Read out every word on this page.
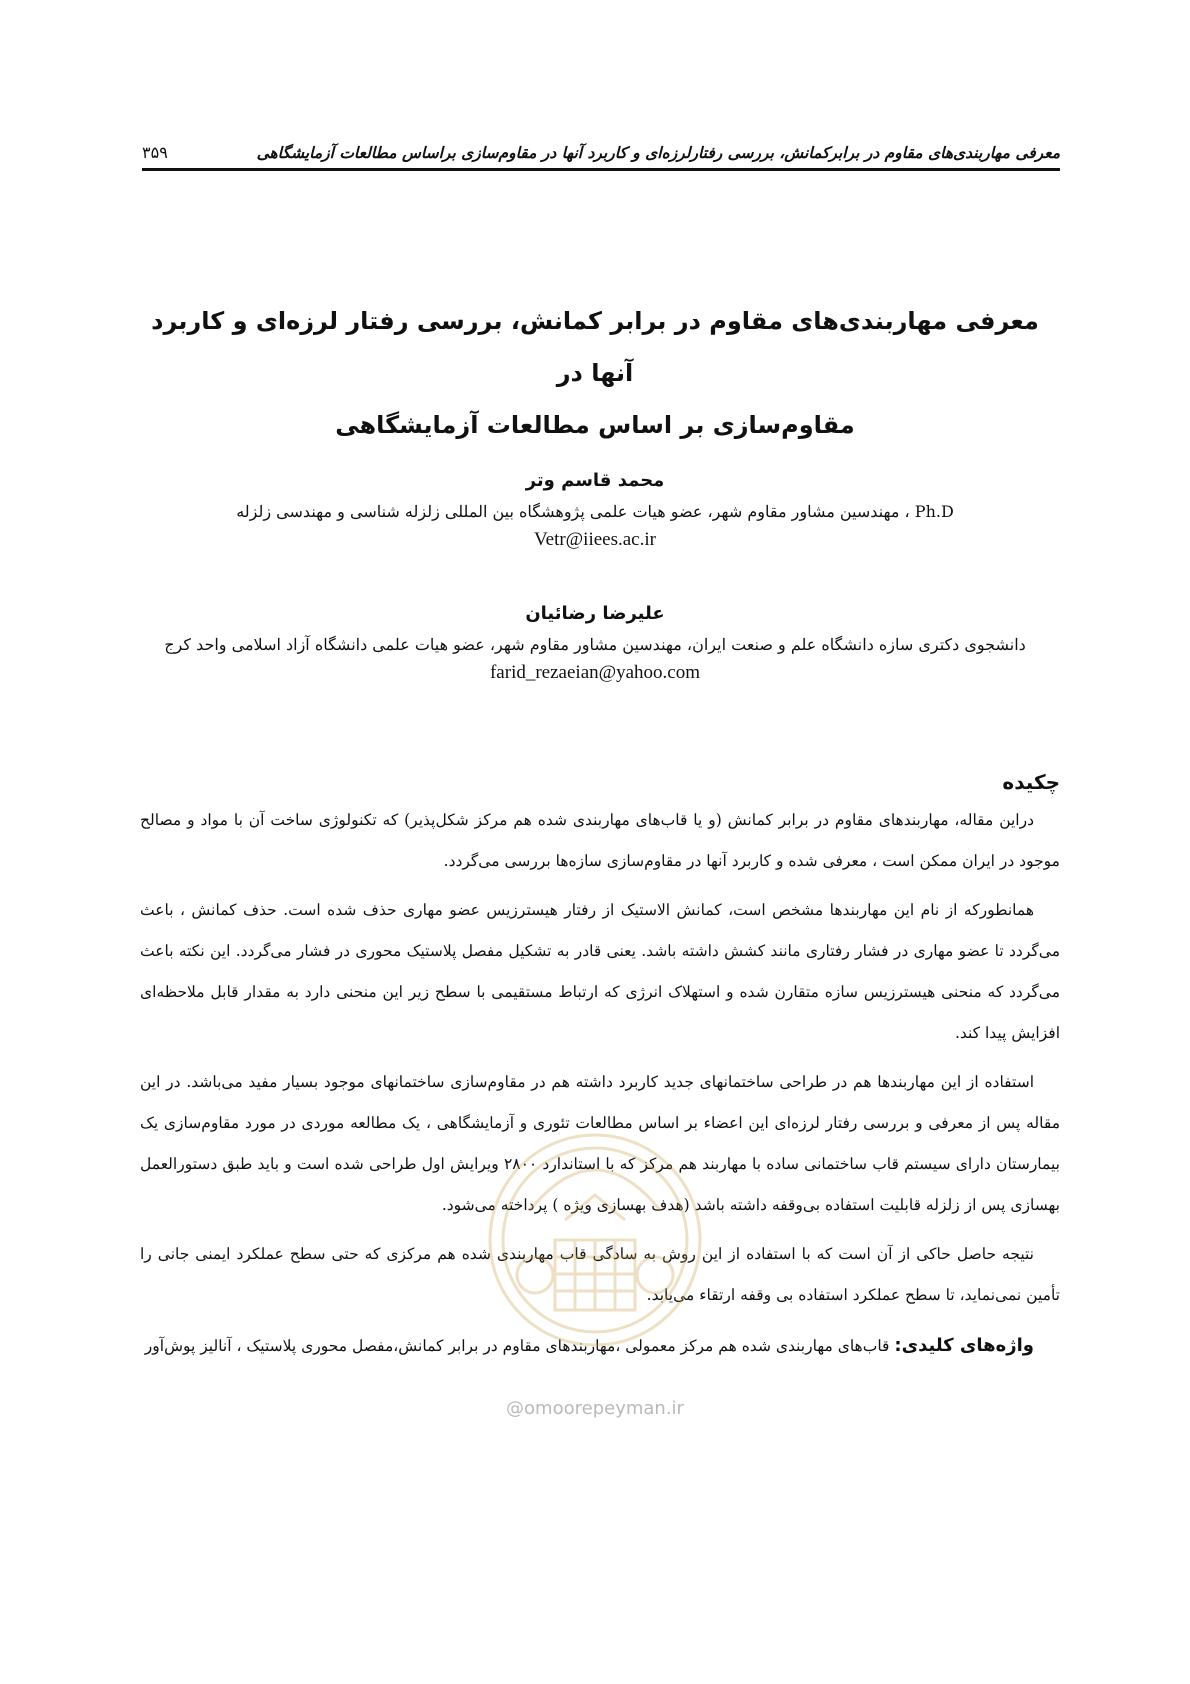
معرفی مهاربندی‌های مقاوم در برابرکمانش، بررسی رفتارلرزه‌ای و کاربرد آنها در مقاوم‌سازی براساس مطالعات آزمایشگاهی
۳۵۹
معرفی مهاربندی‌های مقاوم در برابر کمانش، بررسی رفتار لرزه‌ای و کاربرد آنها در
مقاوم‌سازی بر اساس مطالعات آزمایشگاهی

محمد قاسم وتر

Ph.D ، مهندسین مشاور مقاوم شهر، عضو هیات علمی پژوهشگاه بین المللی زلزله شناسی و مهندسی زلزله

Vetr@iiees.ac.ir

علیرضا رضائیان

دانشجوی دکتری سازه دانشگاه علم و صنعت ایران، مهندسین مشاور مقاوم شهر، عضو هیات علمی دانشگاه آزاد اسلامی واحد کرج

farid_rezaeian@yahoo.com

چکیده

دراین مقاله، مهاربندهای مقاوم در برابر کمانش (و یا قاب‌های مهاربندی شده هم مرکز شکل‌پذیر) که تکنولوژی ساخت آن با مواد و مصالح موجود در ایران ممکن است ، معرفی شده و کاربرد آنها در مقاوم‌سازی سازه‌ها بررسی می‌گردد.

همانطورکه از نام این مهاربندها مشخص است، کمانش الاستیک از رفتار هیسترزیس عضو مهاری حذف شده است. حذف کمانش ، باعث می‌گردد تا عضو مهاری در فشار رفتاری مانند کشش داشته باشد. یعنی قادر به تشکیل مفصل پلاستیک محوری در فشار می‌گردد. این نکته باعث می‌گردد که منحنی هیسترزیس سازه متقارن شده و استهلاک انرژی که ارتباط مستقیمی با سطح زیر این منحنی دارد به مقدار قابل ملاحظه‌ای افزایش پیدا کند.

استفاده از این مهاربندها هم در طراحی ساختمانهای جدید کاربرد داشته هم در مقاوم‌سازی ساختمانهای موجود بسیار مفید می‌باشد. در این مقاله پس از معرفی و بررسی رفتار لرزه‌ای این اعضاء بر اساس مطالعات تئوری و آزمایشگاهی ، یک مطالعه موردی در مورد مقاوم‌سازی یک بیمارستان دارای سیستم قاب ساختمانی ساده با مهاربند هم مرکز که با استاندارد ۲۸۰۰ ویرایش اول طراحی شده است و باید طبق دستورالعمل بهسازی پس از زلزله قابلیت استفاده بی‌وقفه داشته باشد (هدف بهسازی ویژه ) پرداخته می‌شود.

نتیجه حاصل حاکی از آن است که با استفاده از این روش به سادگی قاب مهاربندی شده هم مرکزی که حتی سطح عملکرد ایمنی جانی را تأمین نمی‌نماید، تا سطح عملکرد استفاده بی وقفه ارتقاء می‌یابد.

واژه‌های کلیدی: قاب‌های مهاربندی شده هم مرکز معمولی ،مهاربندهای مقاوم در برابر کمانش،مفصل محوری پلاستیک ، آنالیز پوش‌آور
@omoorepeyman.ir
